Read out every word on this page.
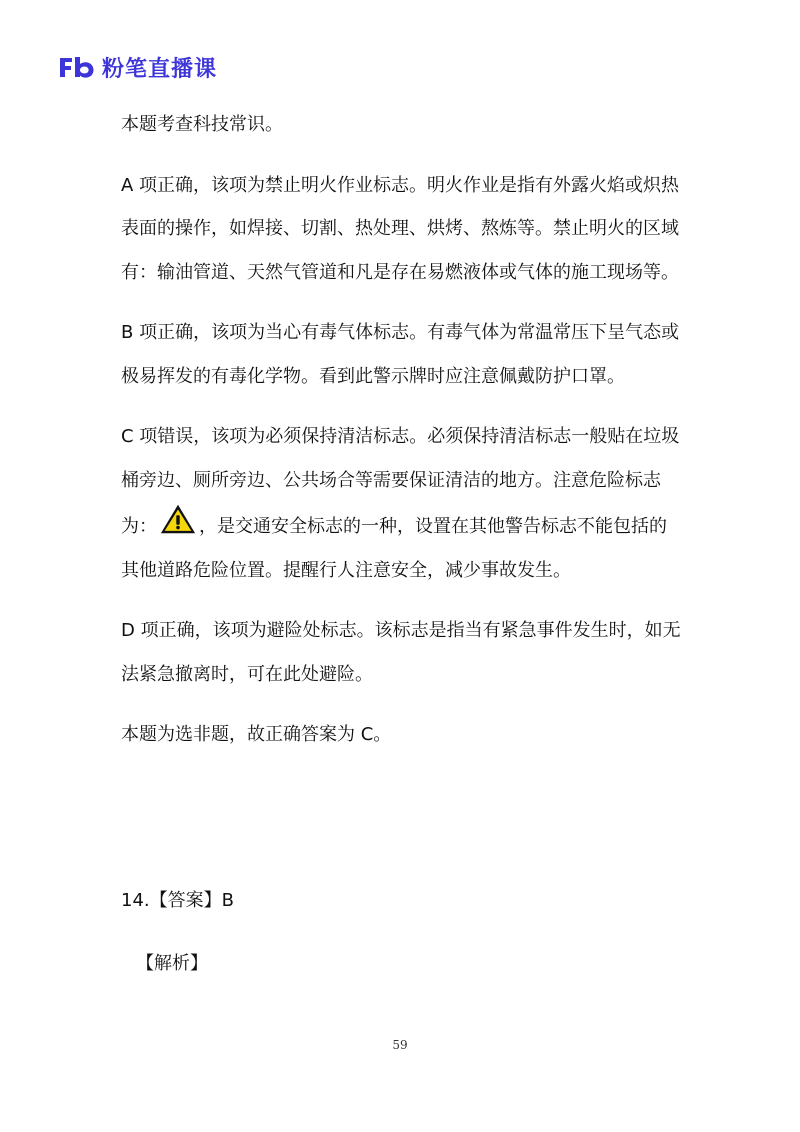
粉笔直播课

本题考查科技常识。

A 项正确，该项为禁止明火作业标志。明火作业是指有外露火焰或炽热表面的操作，如焊接、切割、热处理、烘烤、熬炼等。禁止明火的区域有：输油管道、天然气管道和凡是存在易燃液体或气体的施工现场等。

B 项正确，该项为当心有毒气体标志。有毒气体为常温常压下呈气态或极易挥发的有毒化学物。看到此警示牌时应注意佩戴防护口罩。

C 项错误，该项为必须保持清洁标志。必须保持清洁标志一般贴在垃圾桶旁边、厕所旁边、公共场合等需要保证清洁的地方。注意危险标志为： ，是交通安全标志的一种，设置在其他警告标志不能包括的其他道路危险位置。提醒行人注意安全，减少事故发生。

D 项正确，该项为避险处标志。该标志是指当有紧急事件发生时，如无法紧急撤离时，可在此处避险。

本题为选非题，故正确答案为 C。

14.【答案】B
【解析】
59
